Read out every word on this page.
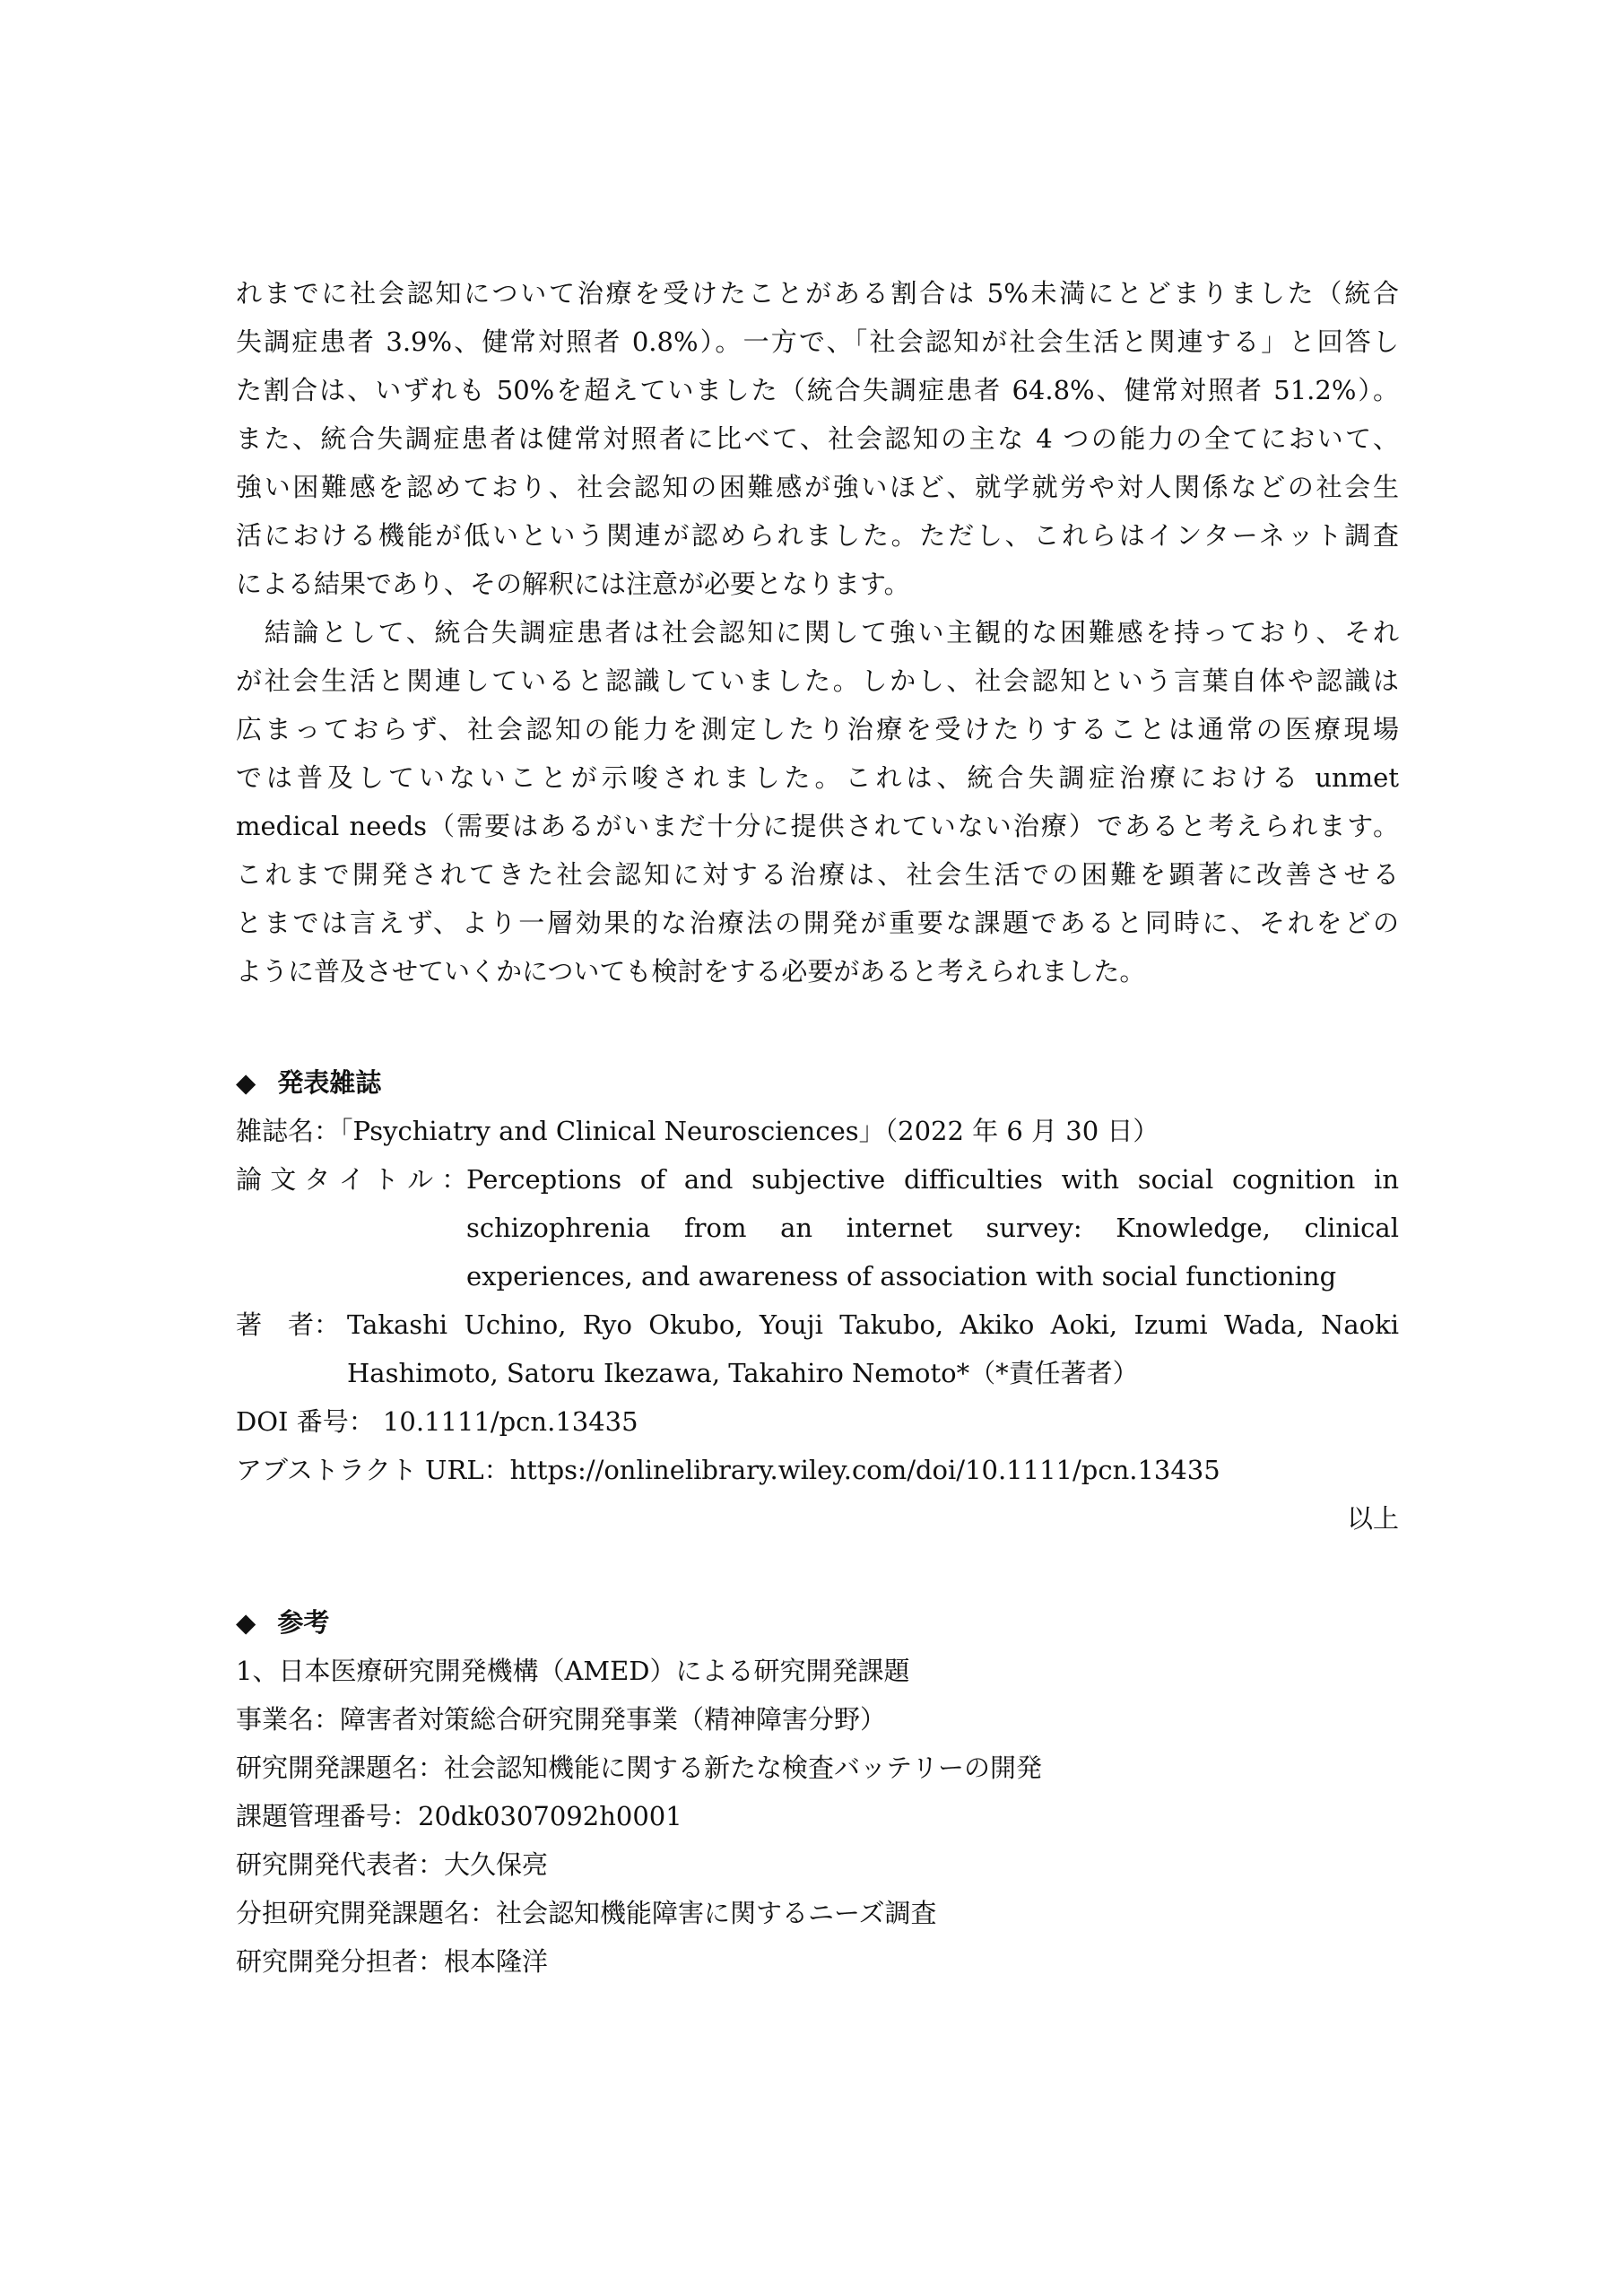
れまでに社会認知について治療を受けたことがある割合は 5%未満にとどまりました（統合
失調症患者 3.9%、健常対照者 0.8%）。一方で、「社会認知が社会生活と関連する」と回答し
た割合は、いずれも 50%を超えていました（統合失調症患者 64.8%、健常対照者 51.2%）。
また、統合失調症患者は健常対照者に比べて、社会認知の主な 4 つの能力の全てにおいて、
強い困難感を認めており、社会認知の困難感が強いほど、就学就労や対人関係などの社会生
活における機能が低いという関連が認められました。ただし、これらはインターネット調査
による結果であり、その解釈には注意が必要となります。
　結論として、統合失調症患者は社会認知に関して強い主観的な困難感を持っており、それ
が社会生活と関連していると認識していました。しかし、社会認知という言葉自体や認識は
広まっておらず、社会認知の能力を測定したり治療を受けたりすることは通常の医療現場
では普及していないことが示唆されました。これは、統合失調症治療における unmet
medical needs（需要はあるがいまだ十分に提供されていない治療）であると考えられます。
これまで開発されてきた社会認知に対する治療は、社会生活での困難を顕著に改善させる
とまでは言えず、より一層効果的な治療法の開発が重要な課題であると同時に、それをどの
ように普及させていくかについても検討をする必要があると考えられました。
◆ 発表雑誌
雑誌名：「Psychiatry and Clinical Neurosciences」（2022 年 6 月 30 日）
論 文 タ イ ト ル ：
Perceptions of and subjective difficulties with social cognition in
schizophrenia from an internet survey: Knowledge, clinical
experiences, and awareness of association with social functioning
著　者： Takashi Uchino, Ryo Okubo, Youji Takubo, Akiko Aoki, Izumi Wada, Naoki
Hashimoto, Satoru Ikezawa, Takahiro Nemoto*（*責任著者）
DOI 番号： 10.1111/pcn.13435
アブストラクト URL：https://onlinelibrary.wiley.com/doi/10.1111/pcn.13435
以上
◆ 参考
1、日本医療研究開発機構（AMED）による研究開発課題
事業名：障害者対策総合研究開発事業（精神障害分野）
研究開発課題名：社会認知機能に関する新たな検査バッテリーの開発
課題管理番号：20dk0307092h0001
研究開発代表者：大久保亮
分担研究開発課題名：社会認知機能障害に関するニーズ調査
研究開発分担者：根本隆洋
